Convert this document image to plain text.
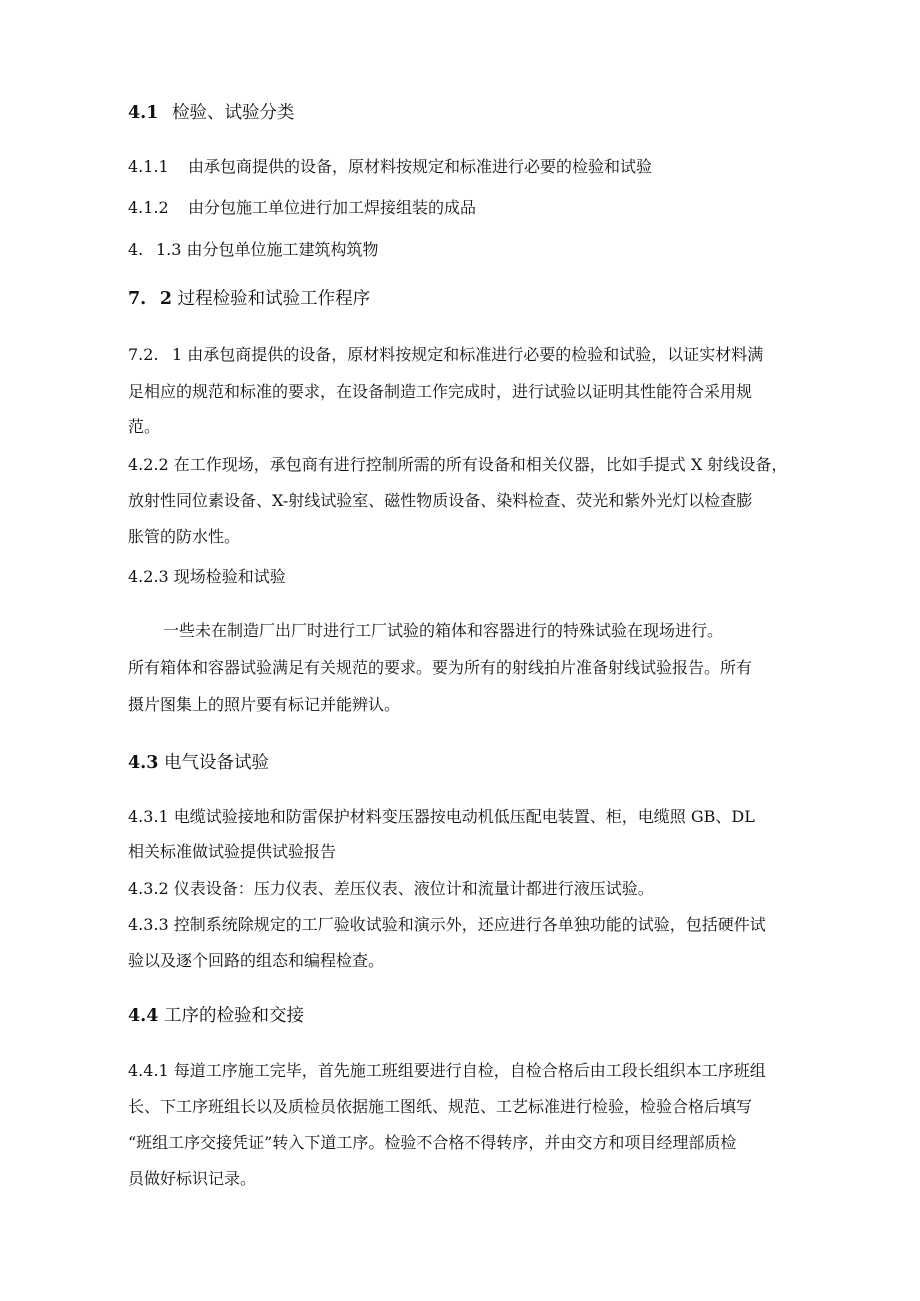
4.1 检验、试验分类
4.1.1 由承包商提供的设备，原材料按规定和标准进行必要的检验和试验
4.1.2 由分包施工单位进行加工焊接组装的成品
4. 1.3 由分包单位施工建筑构筑物
7. 2 过程检验和试验工作程序
7.2. 1 由承包商提供的设备，原材料按规定和标准进行必要的检验和试验，以证实材料满
足相应的规范和标准的要求，在设备制造工作完成时，进行试验以证明其性能符合采用规
范。
4.2.2 在工作现场，承包商有进行控制所需的所有设备和相关仪器，比如手提式 X 射线设备，
放射性同位素设备、X-射线试验室、磁性物质设备、染料检查、荧光和紫外光灯以检查膨
胀管的防水性。
4.2.3 现场检验和试验
一些未在制造厂出厂时进行工厂试验的箱体和容器进行的特殊试验在现场进行。
所有箱体和容器试验满足有关规范的要求。要为所有的射线拍片准备射线试验报告。所有
摄片图集上的照片要有标记并能辨认。
4.3 电气设备试验
4.3.1 电缆试验接地和防雷保护材料变压器按电动机低压配电装置、柜，电缆照 GB、DL
相关标准做试验提供试验报告
4.3.2 仪表设备：压力仪表、差压仪表、液位计和流量计都进行液压试验。
4.3.3 控制系统除规定的工厂验收试验和演示外，还应进行各单独功能的试验，包括硬件试
验以及逐个回路的组态和编程检查。
4.4 工序的检验和交接
4.4.1 每道工序施工完毕，首先施工班组要进行自检，自检合格后由工段长组织本工序班组
长、下工序班组长以及质检员依据施工图纸、规范、工艺标准进行检验，检验合格后填写
“班组工序交接凭证”转入下道工序。检验不合格不得转序，并由交方和项目经理部质检
员做好标识记录。
